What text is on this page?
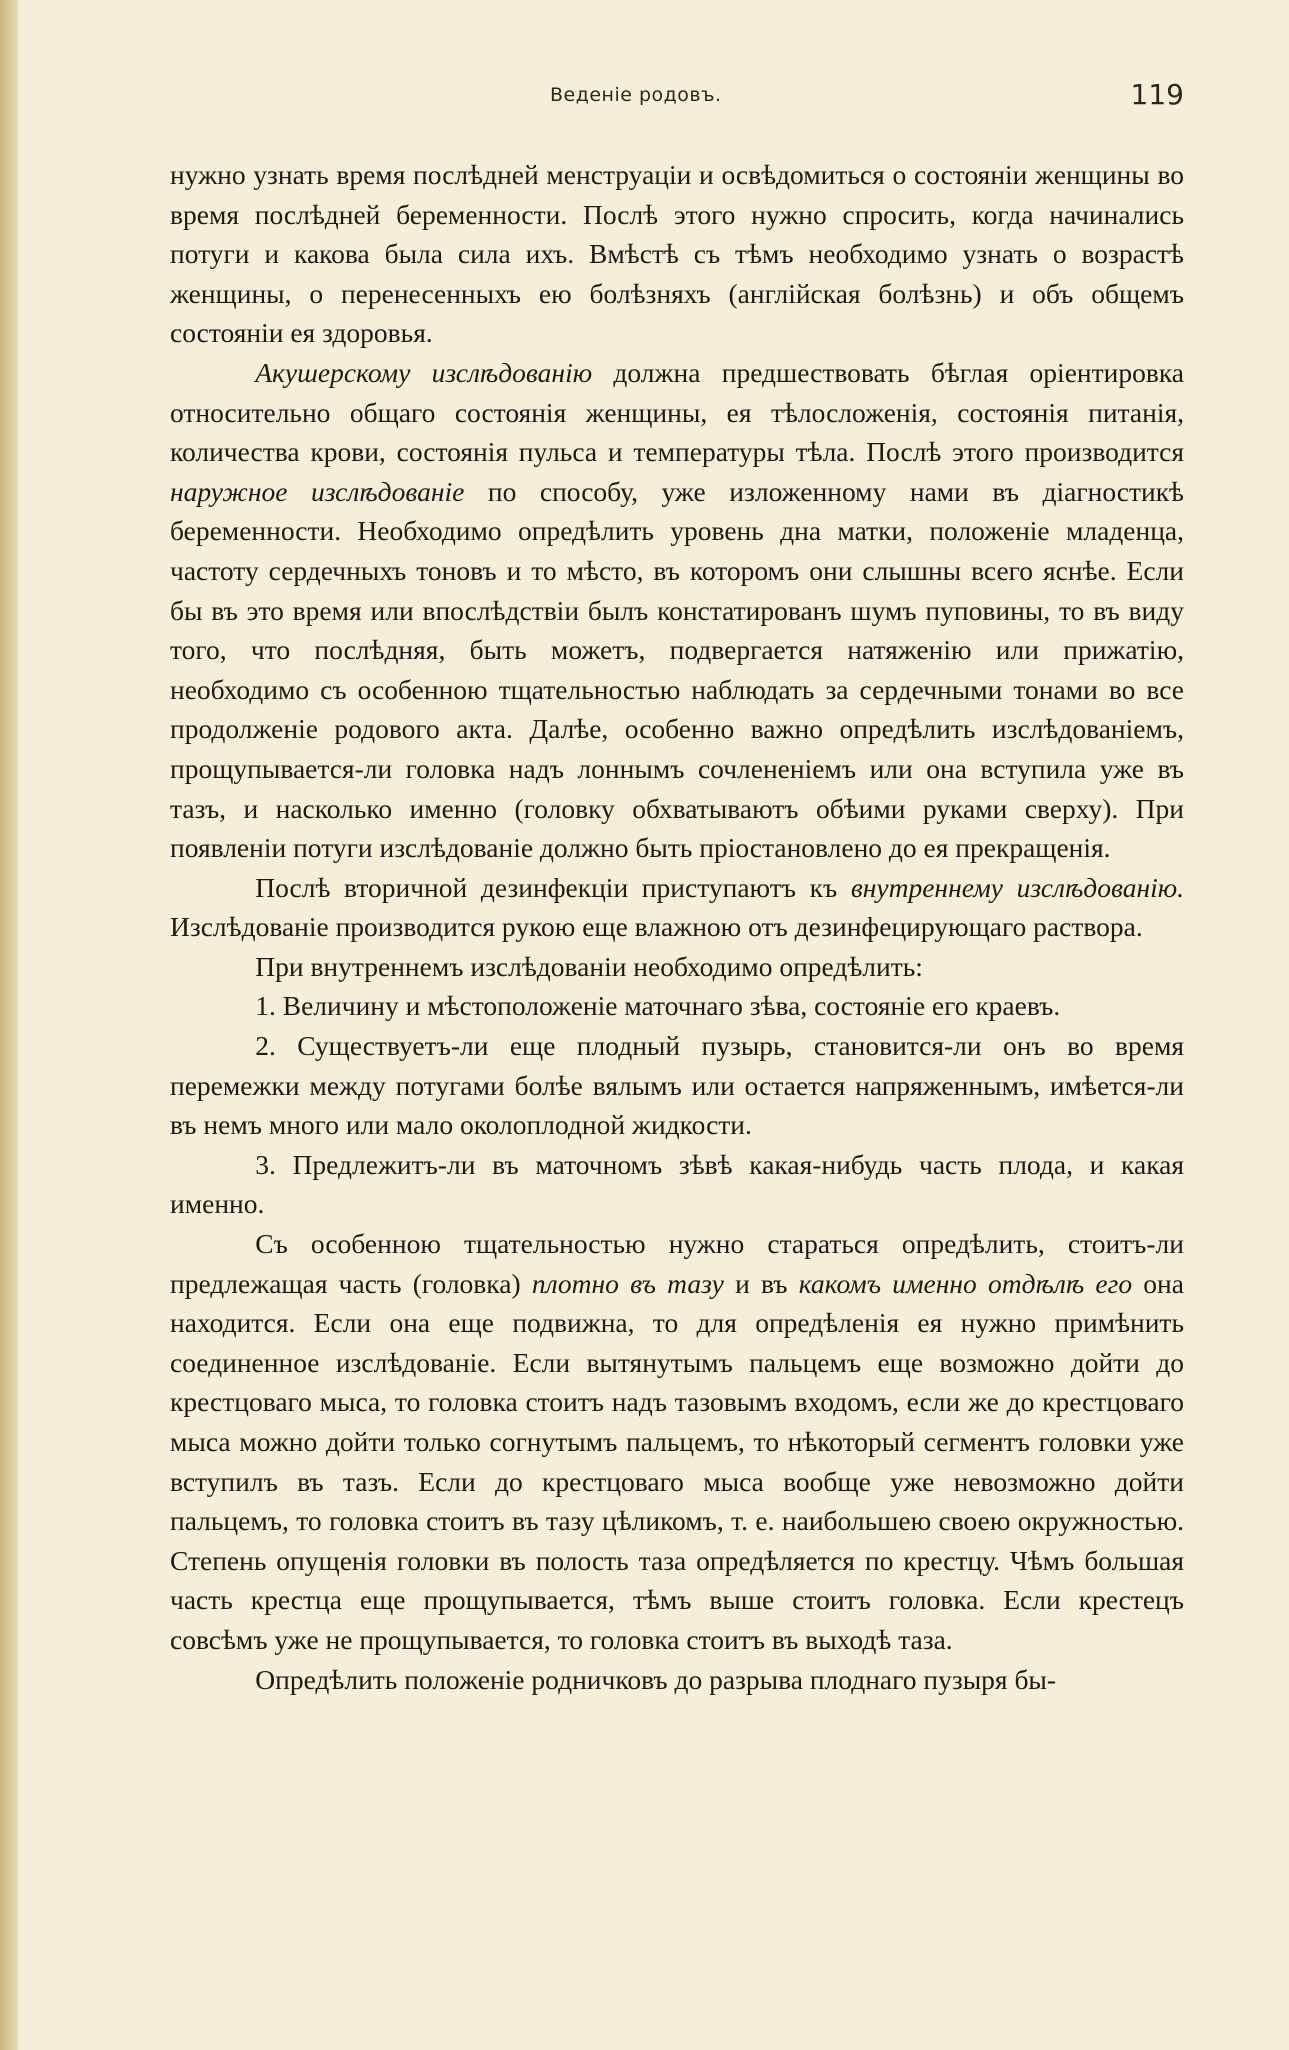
Веденіе родовъ.	119

нужно узнать время послѣдней менструаціи и освѣдомиться о состояніи женщины во время послѣдней беременности. Послѣ этого нужно спросить, когда начинались потуги и какова была сила ихъ. Вмѣстѣ съ тѣмъ необходимо узнать о возрастѣ женщины, о перенесенныхъ ею болѣзняхъ (англійская болѣзнь) и объ общемъ состояніи ея здоровья.

Акушерскому изслѣдованію должна предшествовать бѣглая оріентировка относительно общаго состоянія женщины, ея тѣлосложенія, состоянія питанія, количества крови, состоянія пульса и температуры тѣла. Послѣ этого производится наружное изслѣдованіе по способу, уже изложенному нами въ діагностикѣ беременности. Необходимо опредѣлить уровень дна матки, положеніе младенца, частоту сердечныхъ тоновъ и то мѣсто, въ которомъ они слышны всего яснѣе. Если бы въ это время или впослѣдствіи былъ констатированъ шумъ пуповины, то въ виду того, что послѣдняя, быть можетъ, подвергается натяженію или прижатію, необходимо съ особенною тщательностью наблюдать за сердечными тонами во все продолженіе родового акта. Далѣе, особенно важно опредѣлить изслѣдованіемъ, прощупывается-ли головка надъ лоннымъ сочлененіемъ или она вступила уже въ тазъ, и насколько именно (головку обхватываютъ обѣими руками сверху). При появленіи потуги изслѣдованіе должно быть пріостановлено до ея прекращенія.

Послѣ вторичной дезинфекціи приступаютъ къ внутреннему изслѣдованію. Изслѣдованіе производится рукою еще влажною отъ дезинфецирующаго раствора.

При внутреннемъ изслѣдованіи необходимо опредѣлить:

1. Величину и мѣстоположеніе маточнаго зѣва, состояніе его краевъ.

2. Существуетъ-ли еще плодный пузырь, становится-ли онъ во время перемежки между потугами болѣе вялымъ или остается напряженнымъ, имѣется-ли въ немъ много или мало околоплодной жидкости.

3. Предлежитъ-ли въ маточномъ зѣвѣ какая-нибудь часть плода, и какая именно.

Съ особенною тщательностью нужно стараться опредѣлить, стоитъ-ли предлежащая часть (головка) плотно въ тазу и въ какомъ именно отдѣлѣ его она находится. Если она еще подвижна, то для опредѣленія ея нужно примѣнить соединенное изслѣдованіе. Если вытянутымъ пальцемъ еще возможно дойти до крестцоваго мыса, то головка стоитъ надъ тазовымъ входомъ, если же до крестцоваго мыса можно дойти только согнутымъ пальцемъ, то нѣкоторый сегментъ головки уже вступилъ въ тазъ. Если до крестцоваго мыса вообще уже невозможно дойти пальцемъ, то головка стоитъ въ тазу цѣликомъ, т. е. наибольшею своею окружностью. Степень опущенія головки въ полость таза опредѣляется по крестцу. Чѣмъ большая часть крестца еще прощупывается, тѣмъ выше стоитъ головка. Если крестецъ совсѣмъ уже не прощупывается, то головка стоитъ въ выходѣ таза.

Опредѣлить положеніе родничковъ до разрыва плоднаго пузыря бы-
